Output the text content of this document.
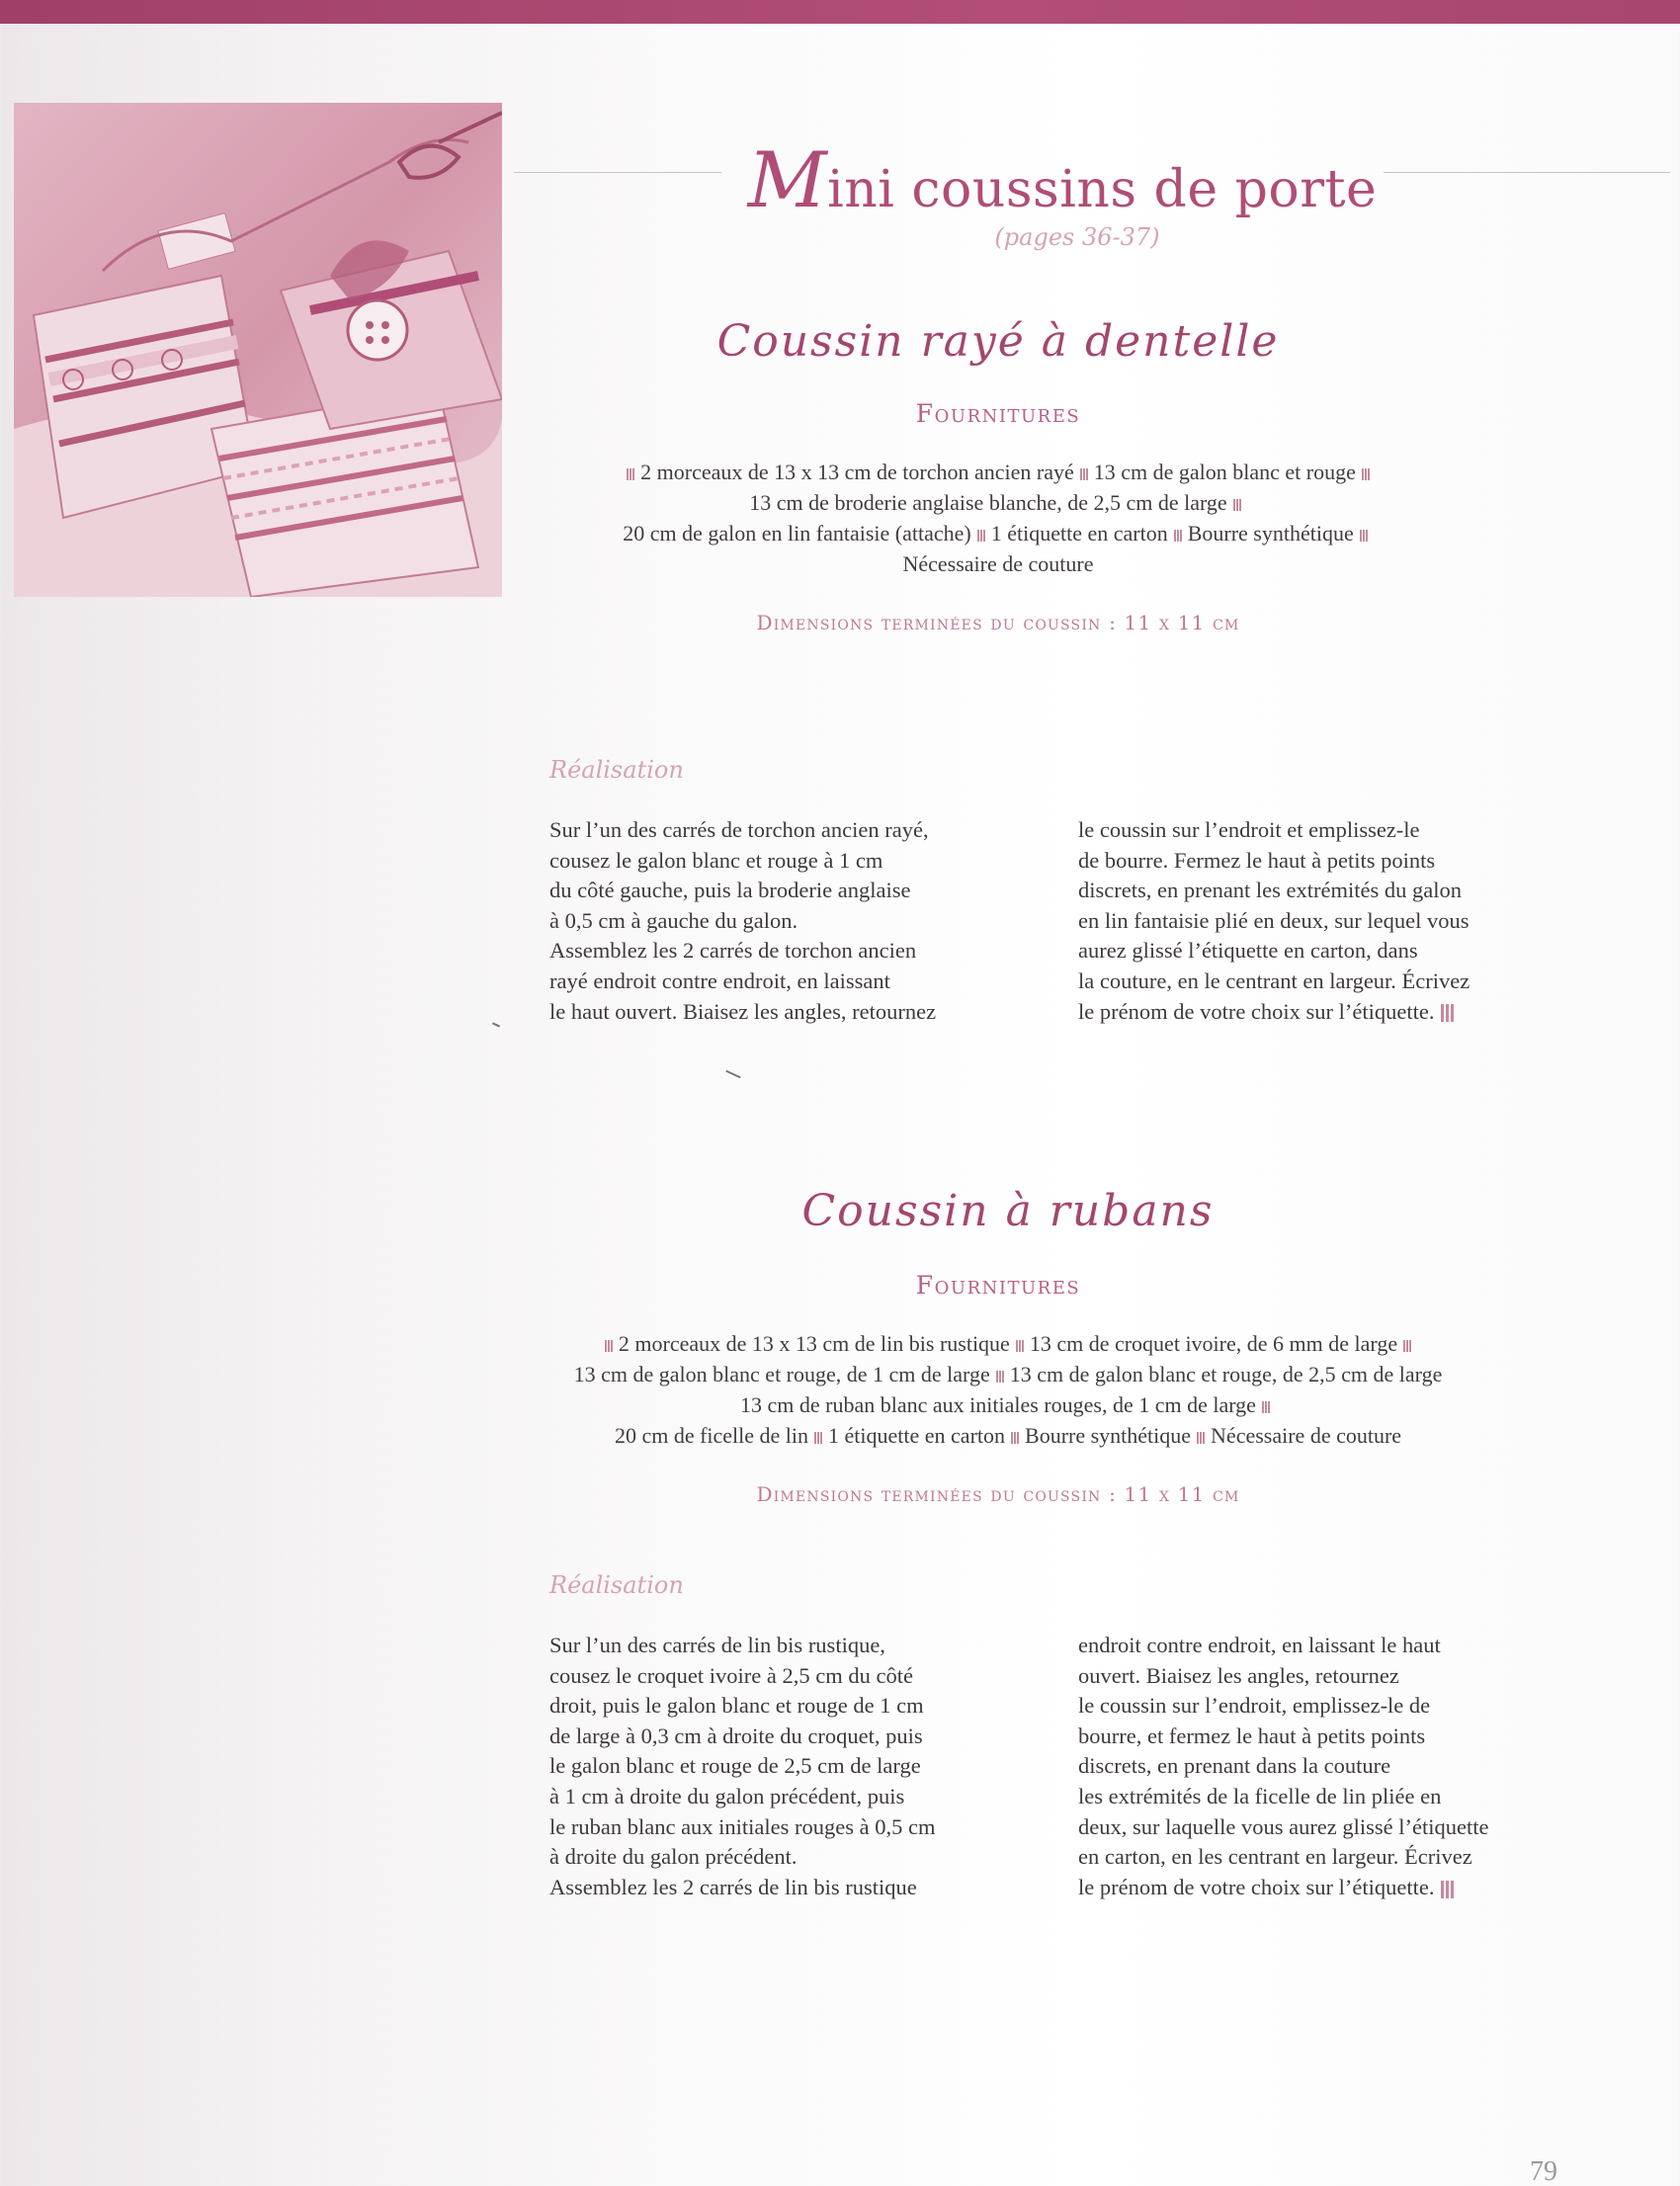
Mini coussins de porte
(pages 36-37)
Coussin rayé à dentelle
Fournitures
2 morceaux de 13 x 13 cm de torchon ancien rayé 13 cm de galon blanc et rouge
13 cm de broderie anglaise blanche, de 2,5 cm de large
20 cm de galon en lin fantaisie (attache) 1 étiquette en carton Bourre synthétique
Nécessaire de couture
Dimensions terminées du coussin : 11 x 11 cm
Réalisation
Sur l’un des carrés de torchon ancien rayé,
cousez le galon blanc et rouge à 1 cm
du côté gauche, puis la broderie anglaise
à 0,5 cm à gauche du galon.
Assemblez les 2 carrés de torchon ancien
rayé endroit contre endroit, en laissant
le haut ouvert. Biaisez les angles, retournez
le coussin sur l’endroit et emplissez-le
de bourre. Fermez le haut à petits points
discrets, en prenant les extrémités du galon
en lin fantaisie plié en deux, sur lequel vous
aurez glissé l’étiquette en carton, dans
la couture, en le centrant en largeur. Écrivez
le prénom de votre choix sur l’étiquette.
Coussin à rubans
Fournitures
2 morceaux de 13 x 13 cm de lin bis rustique 13 cm de croquet ivoire, de 6 mm de large
13 cm de galon blanc et rouge, de 1 cm de large 13 cm de galon blanc et rouge, de 2,5 cm de large
13 cm de ruban blanc aux initiales rouges, de 1 cm de large
20 cm de ficelle de lin 1 étiquette en carton Bourre synthétique Nécessaire de couture
Dimensions terminées du coussin : 11 x 11 cm
Réalisation
Sur l’un des carrés de lin bis rustique,
cousez le croquet ivoire à 2,5 cm du côté
droit, puis le galon blanc et rouge de 1 cm
de large à 0,3 cm à droite du croquet, puis
le galon blanc et rouge de 2,5 cm de large
à 1 cm à droite du galon précédent, puis
le ruban blanc aux initiales rouges à 0,5 cm
à droite du galon précédent.
Assemblez les 2 carrés de lin bis rustique
endroit contre endroit, en laissant le haut
ouvert. Biaisez les angles, retournez
le coussin sur l’endroit, emplissez-le de
bourre, et fermez le haut à petits points
discrets, en prenant dans la couture
les extrémités de la ficelle de lin pliée en
deux, sur laquelle vous aurez glissé l’étiquette
en carton, en les centrant en largeur. Écrivez
le prénom de votre choix sur l’étiquette.
79
